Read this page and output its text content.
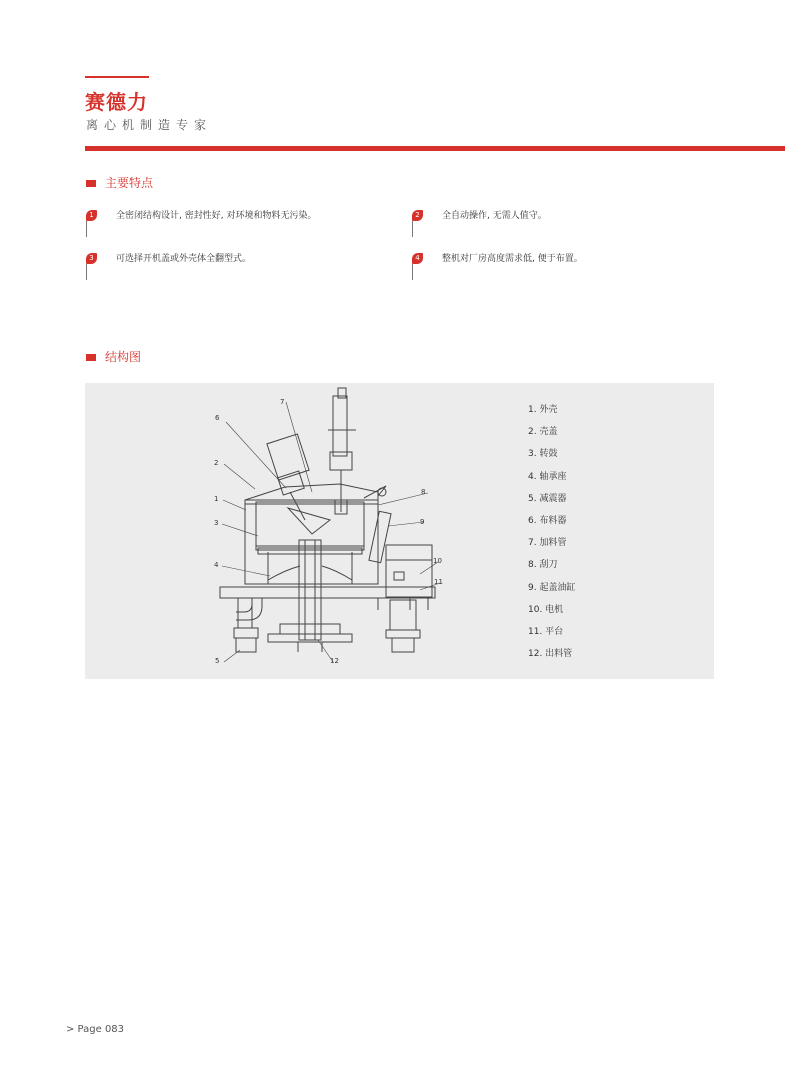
赛德力
离心机制造专家
主要特点
1	全密闭结构设计, 密封性好, 对环境和物料无污染。	2	全自动操作, 无需人值守。
3	可选择开机盖或外壳体全翻型式。	4	整机对厂房高度需求低, 便于布置。
结构图
6
2
1
3
4
5
7
8
9
10
11
12
1. 外壳
2. 壳盖
3. 转鼓
4. 轴承座
5. 减震器
6. 布料器
7. 加料管
8. 刮刀
9. 起盖油缸
10. 电机
11. 平台
12. 出料管
> Page 083
